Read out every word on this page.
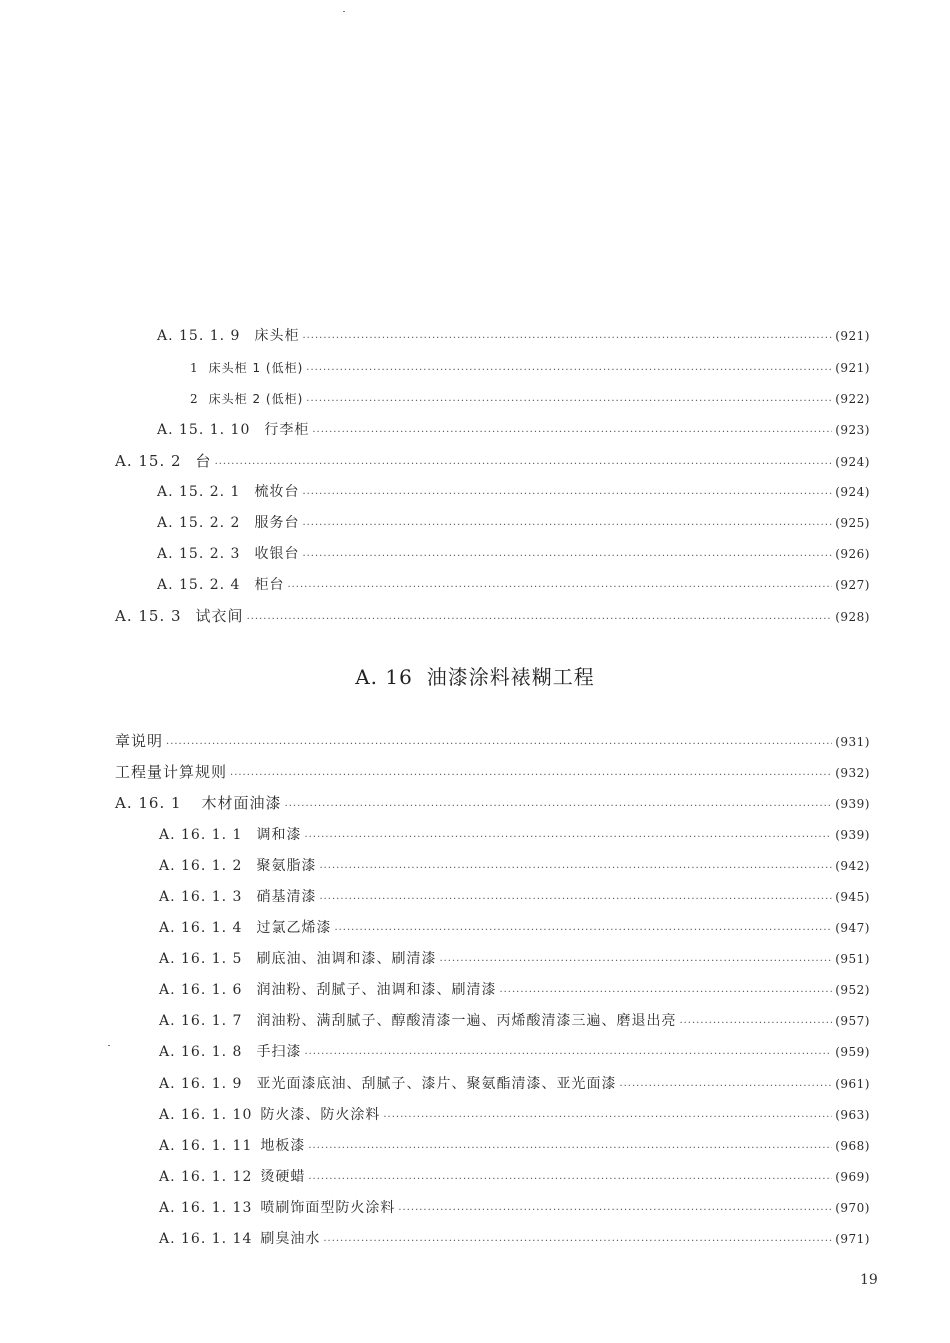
A. 15. 1. 9 床头柜 ·····	(921)
1 床头柜 1 (低柜) ·····	(921)
2 床头柜 2 (低柜) ·····	(922)
A. 15. 1. 10 行李柜 ·····	(923)
A. 15. 2 台 ·····	(924)
A. 15. 2. 1 梳妆台 ·····	(924)
A. 15. 2. 2 服务台 ·····	(925)
A. 15. 2. 3 收银台 ·····	(926)
A. 15. 2. 4 柜台 ·····	(927)
A. 15. 3 试衣间 ·····	(928)
A. 16 油漆涂料裱糊工程
章说明 ·····	(931)
工程量计算规则 ·····	(932)
A. 16. 1 木材面油漆 ·····	(939)
A. 16. 1. 1 调和漆 ·····	(939)
A. 16. 1. 2 聚氨脂漆 ·····	(942)
A. 16. 1. 3 硝基清漆 ·····	(945)
A. 16. 1. 4 过氯乙烯漆 ·····	(947)
A. 16. 1. 5 刷底油、油调和漆、刷清漆 ·····	(951)
A. 16. 1. 6 润油粉、刮腻子、油调和漆、刷清漆 ·····	(952)
A. 16. 1. 7 润油粉、满刮腻子、醇酸清漆一遍、丙烯酸清漆三遍、磨退出亮 ·····	(957)
A. 16. 1. 8 手扫漆 ·····	(959)
A. 16. 1. 9 亚光面漆底油、刮腻子、漆片、聚氨酯清漆、亚光面漆 ·····	(961)
A. 16. 1. 10 防火漆、防火涂料 ·····	(963)
A. 16. 1. 11 地板漆 ·····	(968)
A. 16. 1. 12 烫硬蜡 ·····	(969)
A. 16. 1. 13 喷刷饰面型防火涂料 ·····	(970)
A. 16. 1. 14 刷臭油水 ·····	(971)
19
